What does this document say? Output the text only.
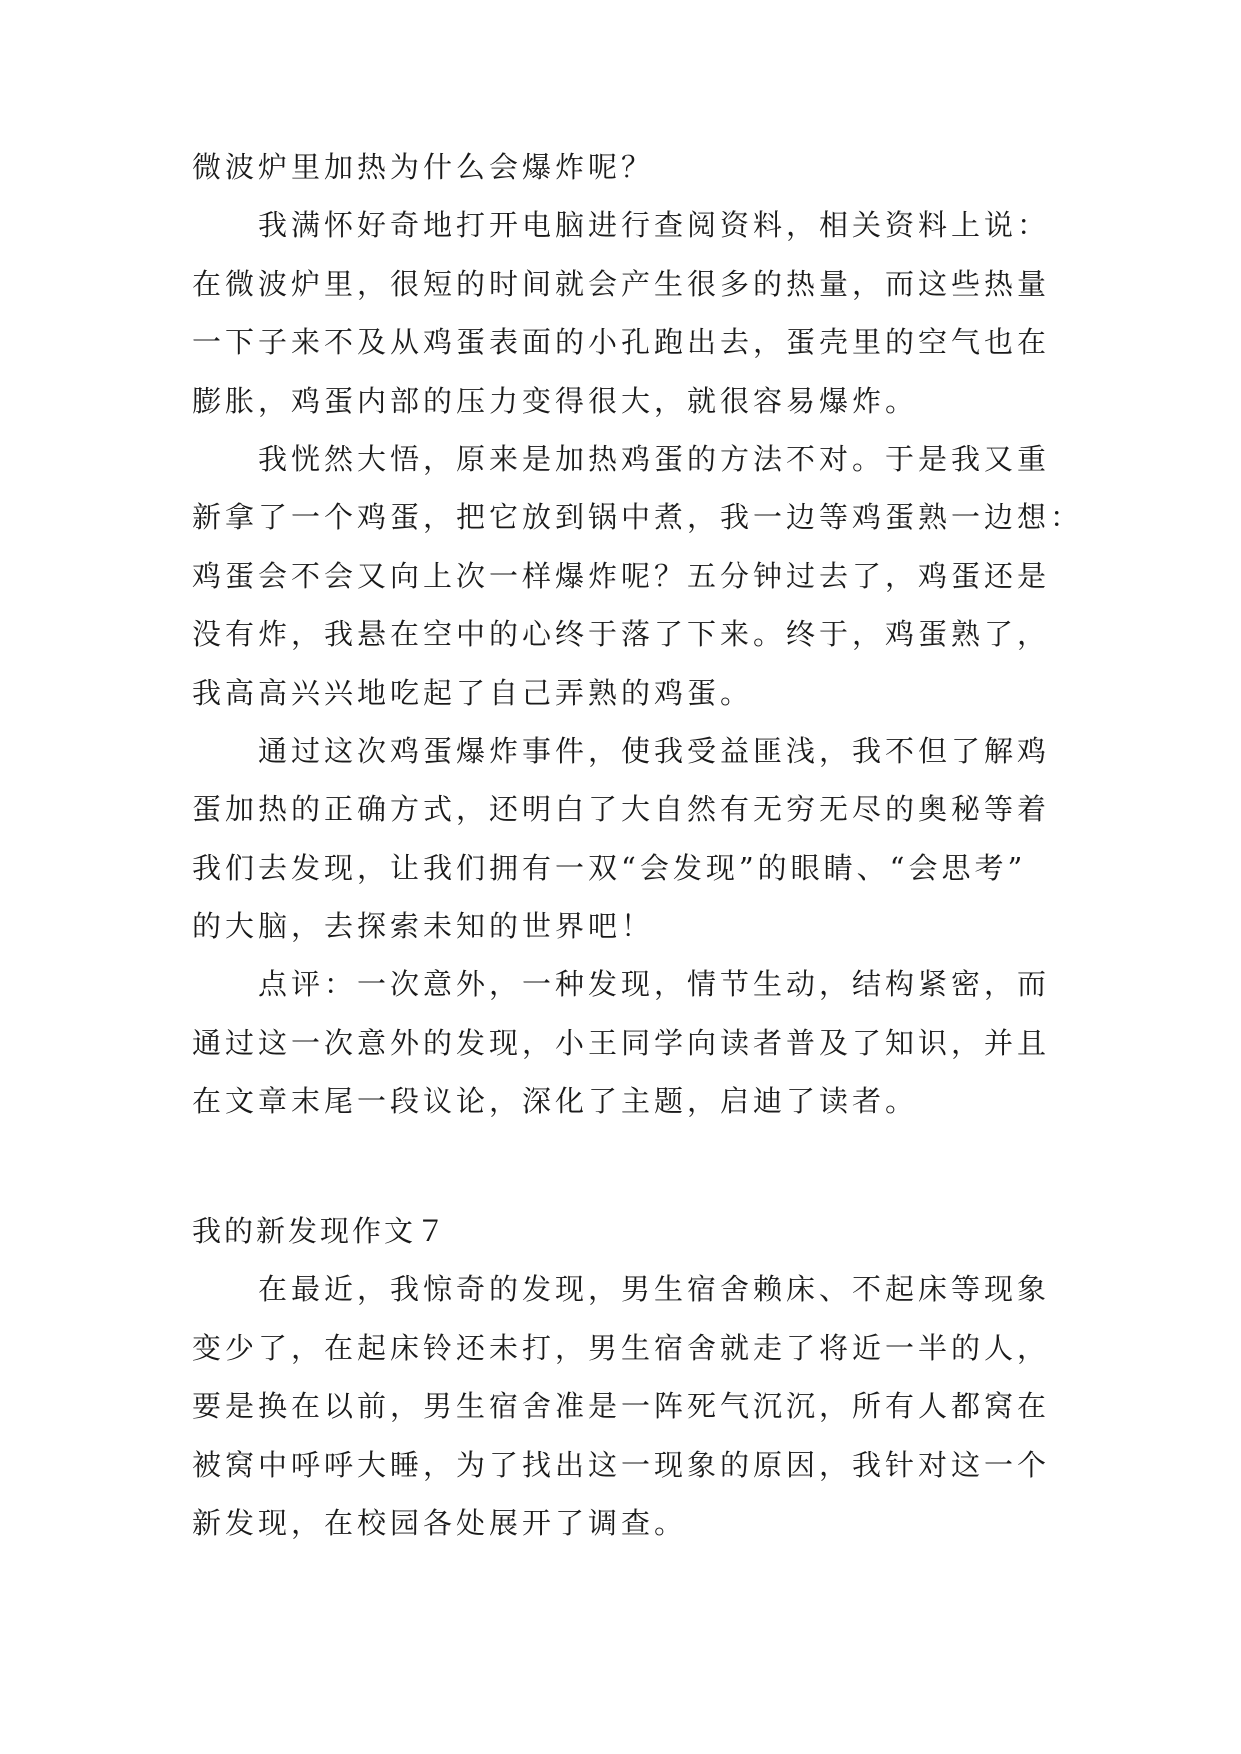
微波炉里加热为什么会爆炸呢？
我满怀好奇地打开电脑进行查阅资料，相关资料上说：
在微波炉里，很短的时间就会产生很多的热量，而这些热量
一下子来不及从鸡蛋表面的小孔跑出去，蛋壳里的空气也在
膨胀，鸡蛋内部的压力变得很大，就很容易爆炸。
我恍然大悟，原来是加热鸡蛋的方法不对。于是我又重
新拿了一个鸡蛋，把它放到锅中煮，我一边等鸡蛋熟一边想：
鸡蛋会不会又向上次一样爆炸呢？五分钟过去了，鸡蛋还是
没有炸，我悬在空中的心终于落了下来。终于，鸡蛋熟了，
我高高兴兴地吃起了自己弄熟的鸡蛋。
通过这次鸡蛋爆炸事件，使我受益匪浅，我不但了解鸡
蛋加热的正确方式，还明白了大自然有无穷无尽的奥秘等着
我们去发现，让我们拥有一双“会发现”的眼睛、“会思考”
的大脑，去探索未知的世界吧！
点评：一次意外，一种发现，情节生动，结构紧密，而
通过这一次意外的发现，小王同学向读者普及了知识，并且
在文章末尾一段议论，深化了主题，启迪了读者。
我的新发现作文７
在最近，我惊奇的发现，男生宿舍赖床、不起床等现象
变少了，在起床铃还未打，男生宿舍就走了将近一半的人，
要是换在以前，男生宿舍准是一阵死气沉沉，所有人都窝在
被窝中呼呼大睡，为了找出这一现象的原因，我针对这一个
新发现，在校园各处展开了调查。
